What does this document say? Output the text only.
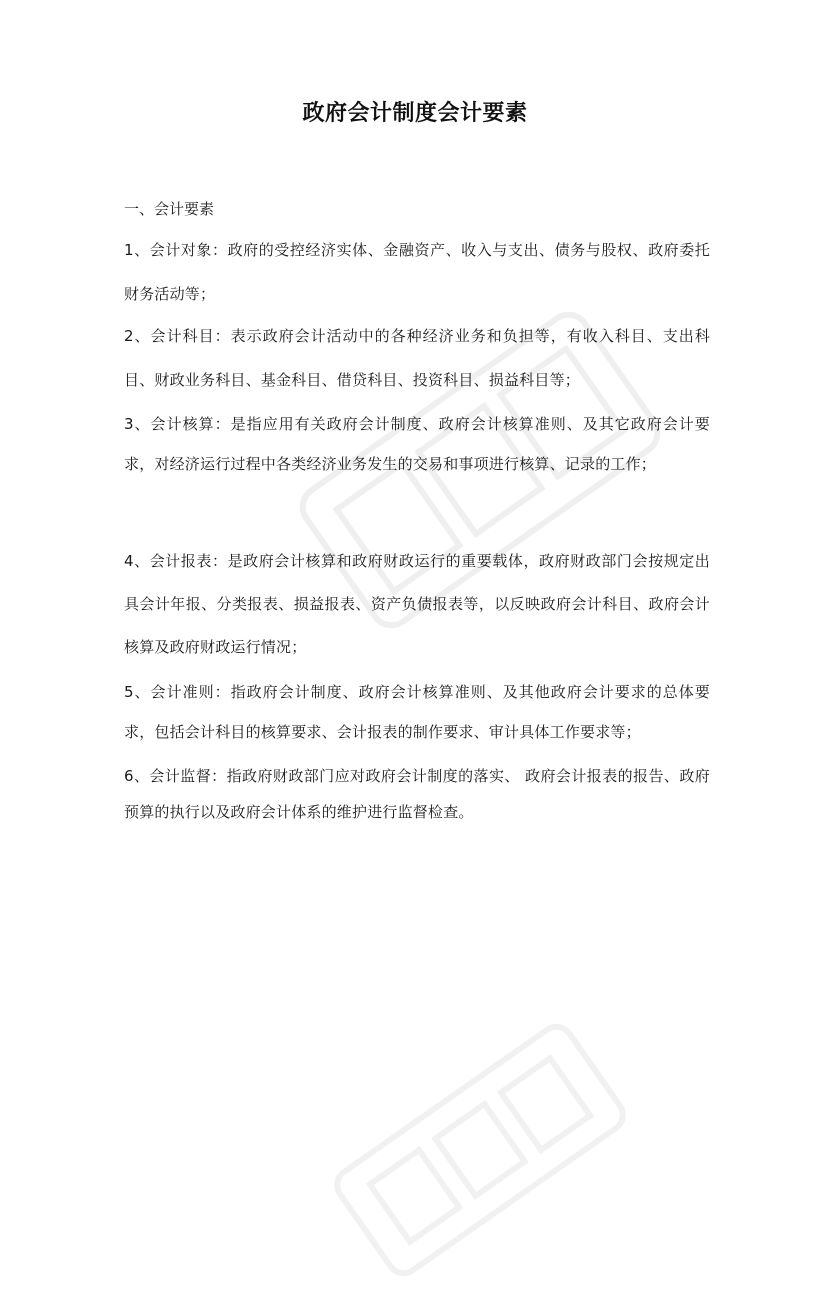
政府会计制度会计要素
一、会计要素
1、会计对象：政府的受控经济实体、金融资产、收入与支出、债务与股权、政府委托财务活动等；
2、会计科目：表示政府会计活动中的各种经济业务和负担等，有收入科目、支出科目、财政业务科目、基金科目、借贷科目、投资科目、损益科目等；
3、会计核算：是指应用有关政府会计制度、政府会计核算准则、及其它政府会计要求，对经济运行过程中各类经济业务发生的交易和事项进行核算、记录的工作；
4、会计报表：是政府会计核算和政府财政运行的重要载体，政府财政部门会按规定出具会计年报、分类报表、损益报表、资产负债报表等，以反映政府会计科目、政府会计核算及政府财政运行情况；
5、会计准则：指政府会计制度、政府会计核算准则、及其他政府会计要求的总体要求，包括会计科目的核算要求、会计报表的制作要求、审计具体工作要求等；
6、会计监督：指政府财政部门应对政府会计制度的落实、 政府会计报表的报告、政府预算的执行以及政府会计体系的维护进行监督检查。
